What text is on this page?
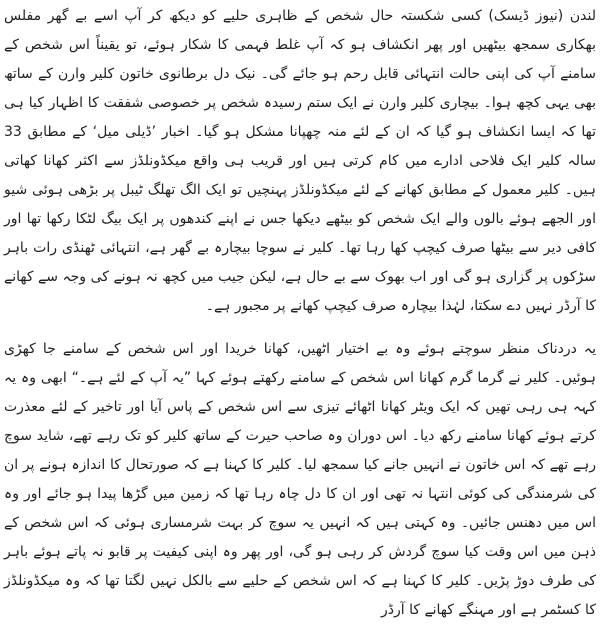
لندن (نیوز ڈیسک) کسی شکستہ حال شخص کے ظاہری حلیے کو دیکھ کر آپ اسے بے گھر مفلس بھکاری سمجھ بیٹھیں اور پھر انکشاف ہو کہ آپ غلط فہمی کا شکار ہوئے، تو یقیناً اس شخص کے سامنے آپ کی اپنی حالت انتہائی قابل رحم ہو جائے گی۔ نیک دل برطانوی خاتون کلیر وارن کے ساتھ بھی یہی کچھ ہوا۔ بیچاری کلیر وارن نے ایک ستم رسیدہ شخص پر خصوصی شفقت کا اظہار کیا ہی تھا کہ ایسا انکشاف ہو گیا کہ ان کے لئے منہ چھپانا مشکل ہو گیا۔ اخبار ’ڈیلی میل‘ کے مطابق 33 سالہ کلیر ایک فلاحی ادارے میں کام کرتی ہیں اور قریب ہی واقع میکڈونلڈز سے اکثر کھانا کھاتی ہیں۔ کلیر معمول کے مطابق کھانے کے لئے میکڈونلڈز پہنچیں تو ایک الگ تھلگ ٹیبل پر بڑھی ہوئی شیو اور الجھے ہوئے بالوں والے ایک شخص کو بیٹھے دیکھا جس نے اپنے کندھوں پر ایک بیگ لٹکا رکھا تھا اور کافی دیر سے بیٹھا صرف کیچپ کھا رہا تھا۔ کلیر نے سوچا بیچارہ بے گھر ہے، انتہائی ٹھنڈی رات باہر سڑکوں پر گزاری ہو گی اور اب بھوک سے بے حال ہے، لیکن جیب میں کچھ نہ ہونے کی وجہ سے کھانے کا آرڈر نہیں دے سکتا، لہٰذا بیچارہ صرف کیچپ کھانے پر مجبور ہے۔

یہ دردناک منظر سوچتے ہوئے وہ بے اختیار اٹھیں، کھانا خریدا اور اس شخص کے سامنے جا کھڑی ہوئیں۔ کلیر نے گرما گرم کھانا اس شخص کے سامنے رکھتے ہوئے کہا ”یہ آپ کے لئے ہے۔“ ابھی وہ یہ کہہ ہی رہی تھیں کہ ایک ویٹر کھانا اٹھائے تیزی سے اس شخص کے پاس آیا اور تاخیر کے لئے معذرت کرتے ہوئے کھانا سامنے رکھ دیا۔ اس دوران وہ صاحب حیرت کے ساتھ کلیر کو تک رہے تھے، شاید سوچ رہے تھے کہ اس خاتون نے انہیں جانے کیا سمجھ لیا۔ کلیر کا کہنا ہے کہ صورتحال کا اندازہ ہونے پر ان کی شرمندگی کی کوئی انتہا نہ تھی اور ان کا دل چاہ رہا تھا کہ زمین میں گڑھا پیدا ہو جائے اور وہ اس میں دھنس جائیں۔ وہ کہتی ہیں کہ انہیں یہ سوچ کر بہت شرمساری ہوئی کہ اس شخص کے ذہن میں اس وقت کیا سوچ گردش کر رہی ہو گی، اور پھر وہ اپنی کیفیت پر قابو نہ پاتے ہوئے باہر کی طرف دوڑ پڑیں۔ کلیر کا کہنا ہے کہ اس شخص کے حلیے سے بالکل نہیں لگتا تھا کہ وہ میکڈونلڈز کا کسٹمر ہے اور مہنگے کھانے کا آرڈر
